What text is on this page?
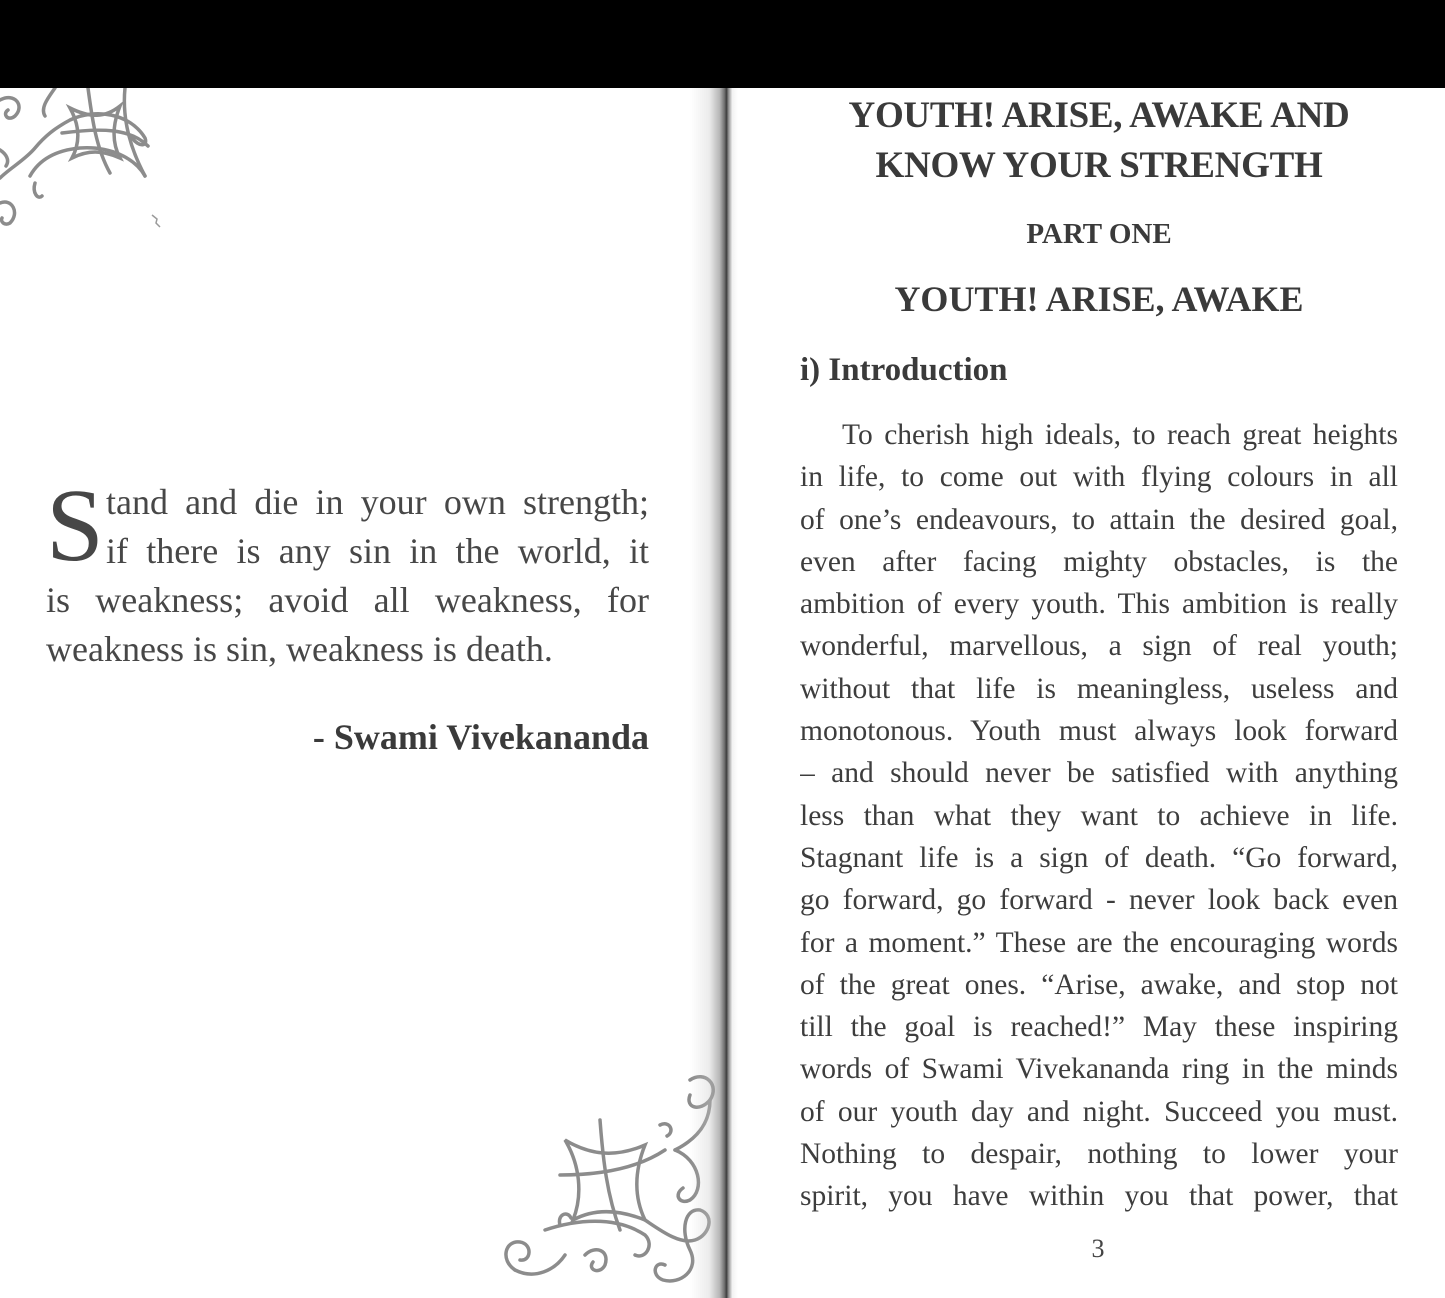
S tand and die in your own strength;
if there is any sin in the world, it
is weakness; avoid all weakness, for
weakness is sin, weakness is death.
- Swami Vivekananda
YOUTH! ARISE, AWAKE AND
KNOW YOUR STRENGTH
PART ONE
YOUTH! ARISE, AWAKE
i) Introduction
To cherish high ideals, to reach great heights
in life, to come out with flying colours in all
of one’s endeavours, to attain the desired goal,
even after facing mighty obstacles, is the
ambition of every youth. This ambition is really
wonderful, marvellous, a sign of real youth;
without that life is meaningless, useless and
monotonous. Youth must always look forward
– and should never be satisfied with anything
less than what they want to achieve in life.
Stagnant life is a sign of death. “Go forward,
go forward, go forward - never look back even
for a moment.” These are the encouraging words
of the great ones. “Arise, awake, and stop not
till the goal is reached!” May these inspiring
words of Swami Vivekananda ring in the minds
of our youth day and night. Succeed you must.
Nothing to despair, nothing to lower your
spirit, you have within you that power, that
3
